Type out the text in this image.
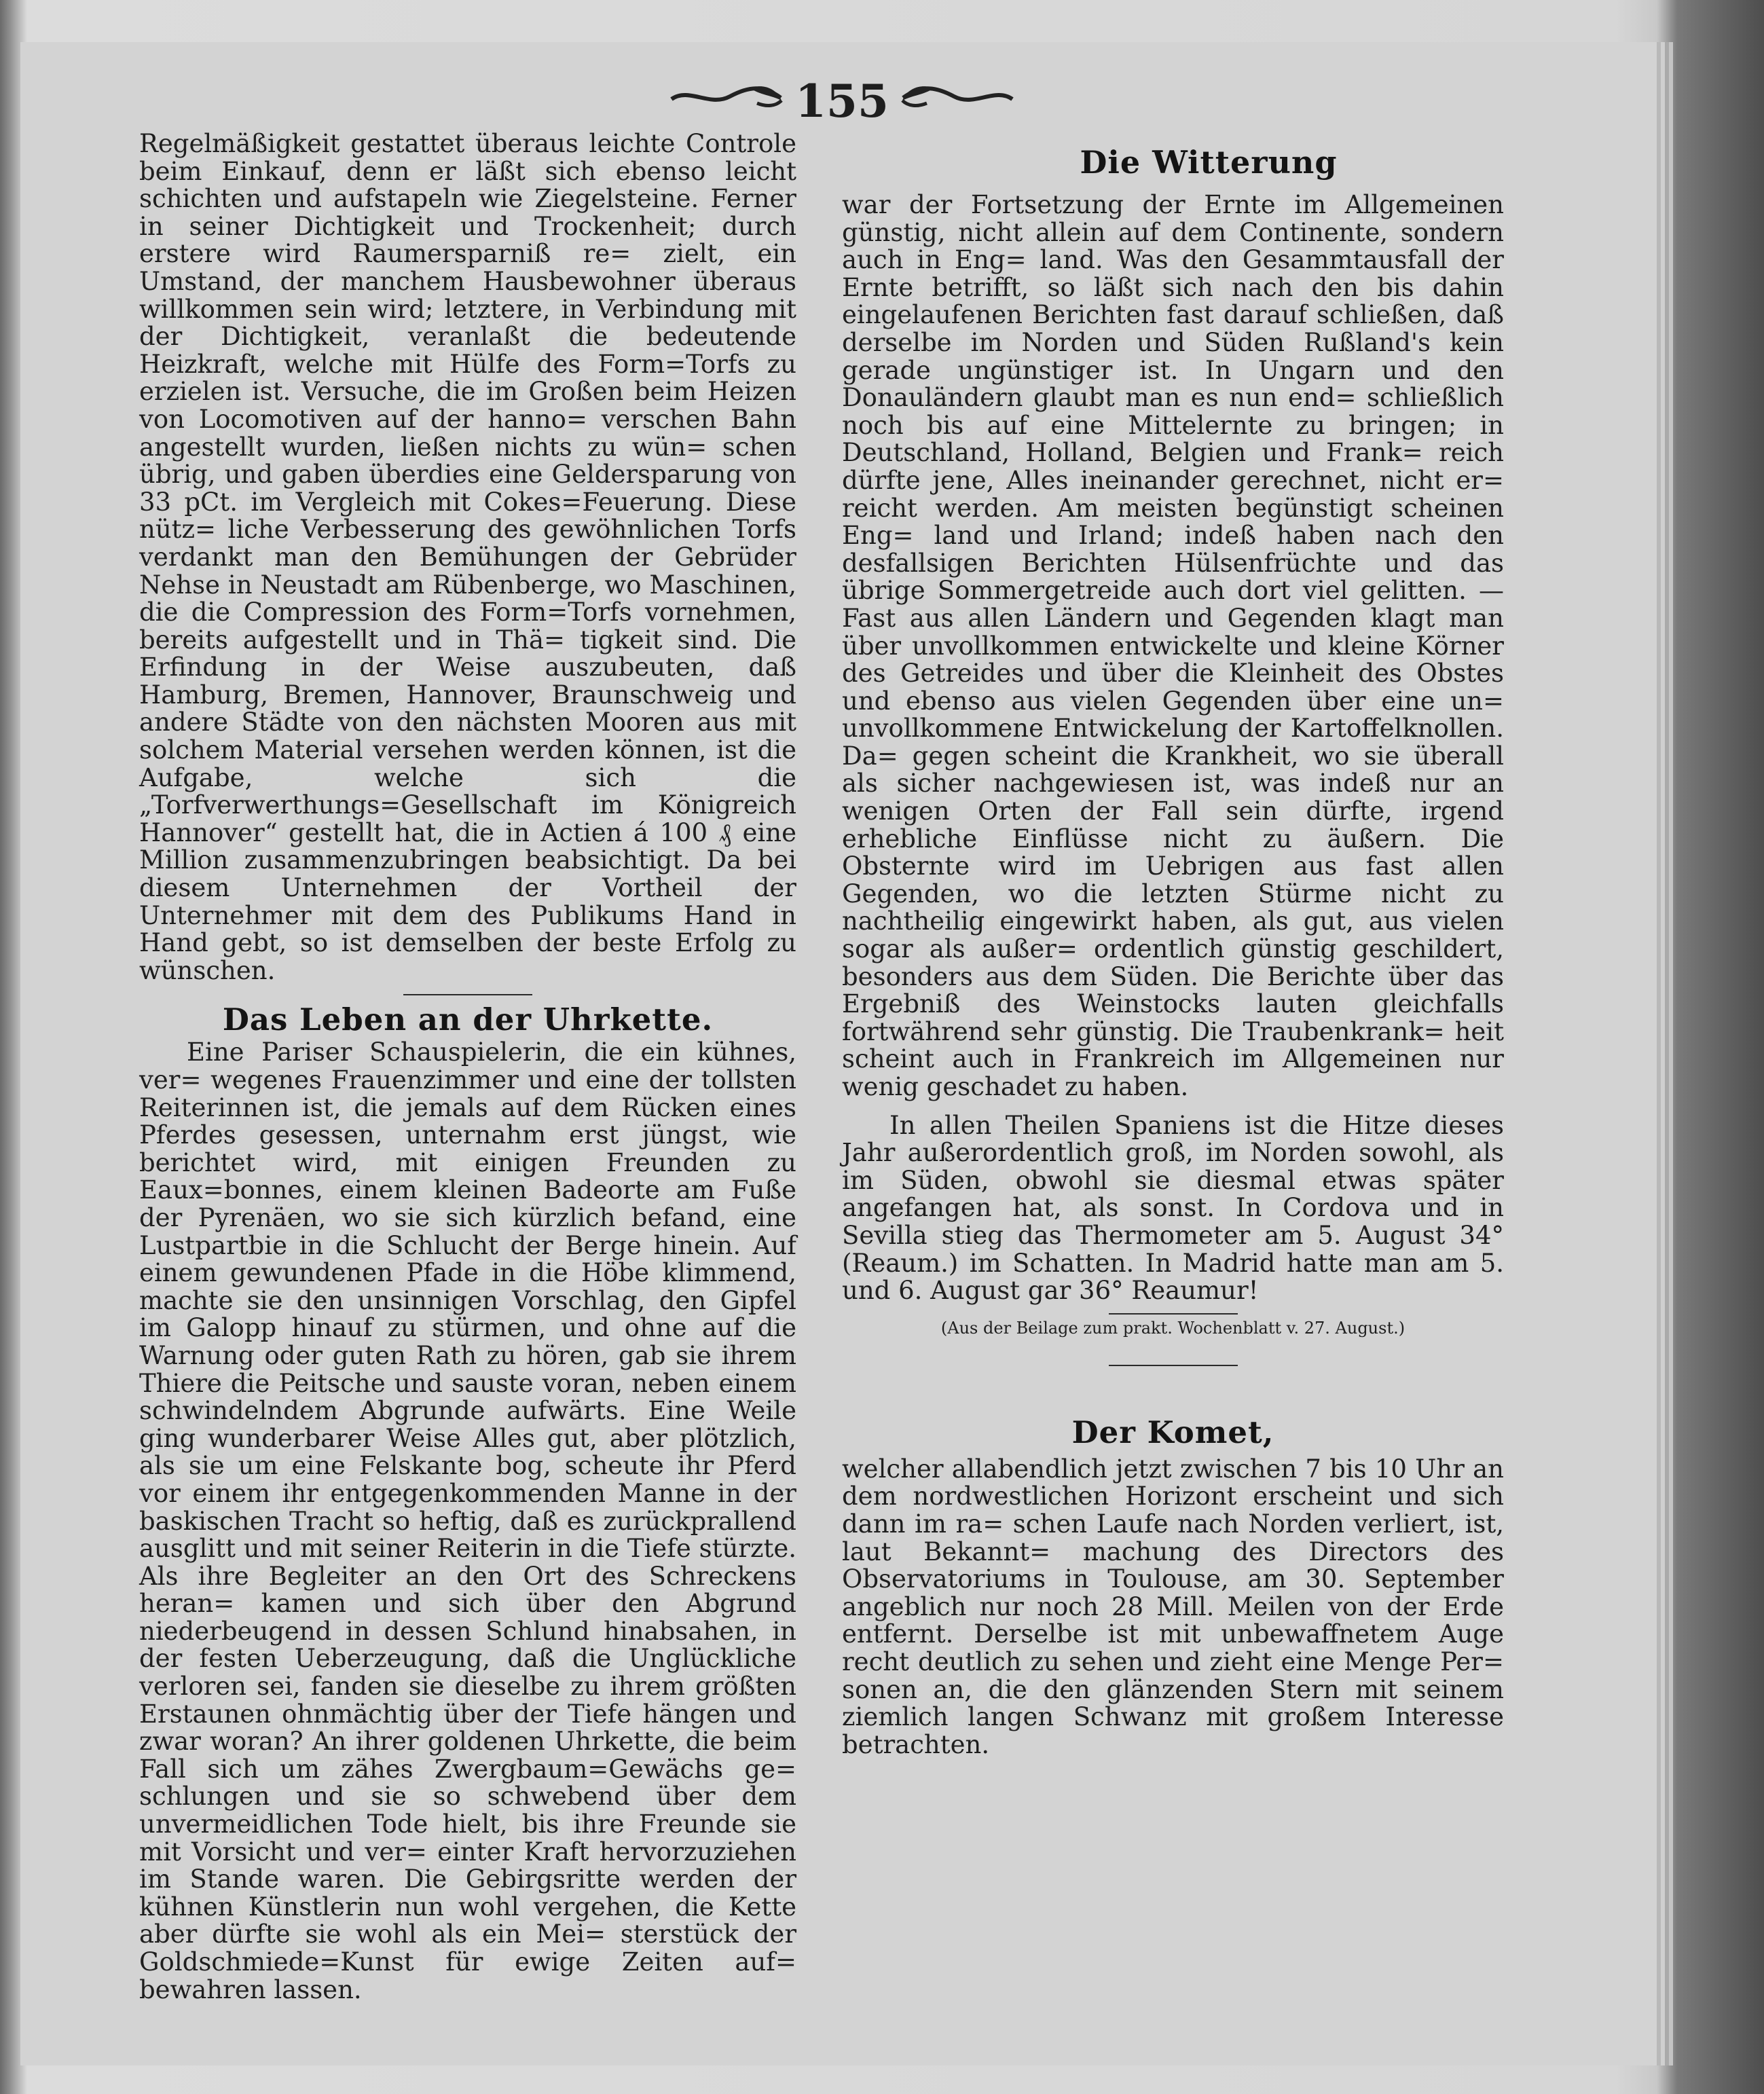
155

Regelmäßigkeit gestattet überaus leichte Controle beim Einkauf, denn er läßt sich ebenso leicht schichten und aufstapeln wie Ziegelsteine. Ferner in seiner Dichtigkeit und Trockenheit; durch erstere wird Raumersparniß re= zielt, ein Umstand, der manchem Hausbewohner überaus willkommen sein wird; letztere, in Verbindung mit der Dichtigkeit, veranlaßt die bedeutende Heizkraft, welche mit Hülfe des Form=Torfs zu erzielen ist. Versuche, die im Großen beim Heizen von Locomotiven auf der hanno= verschen Bahn angestellt wurden, ließen nichts zu wün= schen übrig, und gaben überdies eine Geldersparung von 33 pCt. im Vergleich mit Cokes=Feuerung. Diese nütz= liche Verbesserung des gewöhnlichen Torfs verdankt man den Bemühungen der Gebrüder Nehse in Neustadt am Rübenberge, wo Maschinen, die die Compression des Form=Torfs vornehmen, bereits aufgestellt und in Thä= tigkeit sind. Die Erfindung in der Weise auszubeuten, daß Hamburg, Bremen, Hannover, Braunschweig und andere Städte von den nächsten Mooren aus mit solchem Material versehen werden können, ist die Aufgabe, welche sich die „Torfverwerthungs=Gesellschaft im Königreich Hannover“ gestellt hat, die in Actien á 100 ₰ eine Million zusammenzubringen beabsichtigt. Da bei diesem Unternehmen der Vortheil der Unternehmer mit dem des Publikums Hand in Hand gebt, so ist demselben der beste Erfolg zu wünschen.

Das Leben an der Uhrkette.

Eine Pariser Schauspielerin, die ein kühnes, ver= wegenes Frauenzimmer und eine der tollsten Reiterinnen ist, die jemals auf dem Rücken eines Pferdes gesessen, unternahm erst jüngst, wie berichtet wird, mit einigen Freunden zu Eaux=bonnes, einem kleinen Badeorte am Fuße der Pyrenäen, wo sie sich kürzlich befand, eine Lustpartbie in die Schlucht der Berge hinein. Auf einem gewundenen Pfade in die Höbe klimmend, machte sie den unsinnigen Vorschlag, den Gipfel im Galopp hinauf zu stürmen, und ohne auf die Warnung oder guten Rath zu hören, gab sie ihrem Thiere die Peitsche und sauste voran, neben einem schwindelndem Abgrunde aufwärts. Eine Weile ging wunderbarer Weise Alles gut, aber plötzlich, als sie um eine Felskante bog, scheute ihr Pferd vor einem ihr entgegenkommenden Manne in der baskischen Tracht so heftig, daß es zurückprallend ausglitt und mit seiner Reiterin in die Tiefe stürzte. Als ihre Begleiter an den Ort des Schreckens heran= kamen und sich über den Abgrund niederbeugend in dessen Schlund hinabsahen, in der festen Ueberzeugung, daß die Unglückliche verloren sei, fanden sie dieselbe zu ihrem größten Erstaunen ohnmächtig über der Tiefe hängen und zwar woran? An ihrer goldenen Uhrkette, die beim Fall sich um zähes Zwergbaum=Gewächs ge= schlungen und sie so schwebend über dem unvermeidlichen Tode hielt, bis ihre Freunde sie mit Vorsicht und ver= einter Kraft hervorzuziehen im Stande waren. Die Gebirgsritte werden der kühnen Künstlerin nun wohl vergehen, die Kette aber dürfte sie wohl als ein Mei= sterstück der Goldschmiede=Kunst für ewige Zeiten auf= bewahren lassen.

Die Witterung

war der Fortsetzung der Ernte im Allgemeinen günstig, nicht allein auf dem Continente, sondern auch in Eng= land. Was den Gesammtausfall der Ernte betrifft, so läßt sich nach den bis dahin eingelaufenen Berichten fast darauf schließen, daß derselbe im Norden und Süden Rußland's kein gerade ungünstiger ist. In Ungarn und den Donauländern glaubt man es nun end= schließlich noch bis auf eine Mittelernte zu bringen; in Deutschland, Holland, Belgien und Frank= reich dürfte jene, Alles ineinander gerechnet, nicht er= reicht werden. Am meisten begünstigt scheinen Eng= land und Irland; indeß haben nach den desfallsigen Berichten Hülsenfrüchte und das übrige Sommergetreide auch dort viel gelitten. — Fast aus allen Ländern und Gegenden klagt man über unvollkommen entwickelte und kleine Körner des Getreides und über die Kleinheit des Obstes und ebenso aus vielen Gegenden über eine un= unvollkommene Entwickelung der Kartoffelknollen. Da= gegen scheint die Krankheit, wo sie überall als sicher nachgewiesen ist, was indeß nur an wenigen Orten der Fall sein dürfte, irgend erhebliche Einflüsse nicht zu äußern. Die Obsternte wird im Uebrigen aus fast allen Gegenden, wo die letzten Stürme nicht zu nachtheilig eingewirkt haben, als gut, aus vielen sogar als außer= ordentlich günstig geschildert, besonders aus dem Süden. Die Berichte über das Ergebniß des Weinstocks lauten gleichfalls fortwährend sehr günstig. Die Traubenkrank= heit scheint auch in Frankreich im Allgemeinen nur wenig geschadet zu haben.

In allen Theilen Spaniens ist die Hitze dieses Jahr außerordentlich groß, im Norden sowohl, als im Süden, obwohl sie diesmal etwas später angefangen hat, als sonst. In Cordova und in Sevilla stieg das Thermometer am 5. August 34° (Reaum.) im Schatten. In Madrid hatte man am 5. und 6. August gar 36° Reaumur!

(Aus der Beilage zum prakt. Wochenblatt v. 27. August.)
Der Komet,

welcher allabendlich jetzt zwischen 7 bis 10 Uhr an dem nordwestlichen Horizont erscheint und sich dann im ra= schen Laufe nach Norden verliert, ist, laut Bekannt= machung des Directors des Observatoriums in Toulouse, am 30. September angeblich nur noch 28 Mill. Meilen von der Erde entfernt. Derselbe ist mit unbewaffnetem Auge recht deutlich zu sehen und zieht eine Menge Per= sonen an, die den glänzenden Stern mit seinem ziemlich langen Schwanz mit großem Interesse betrachten.
